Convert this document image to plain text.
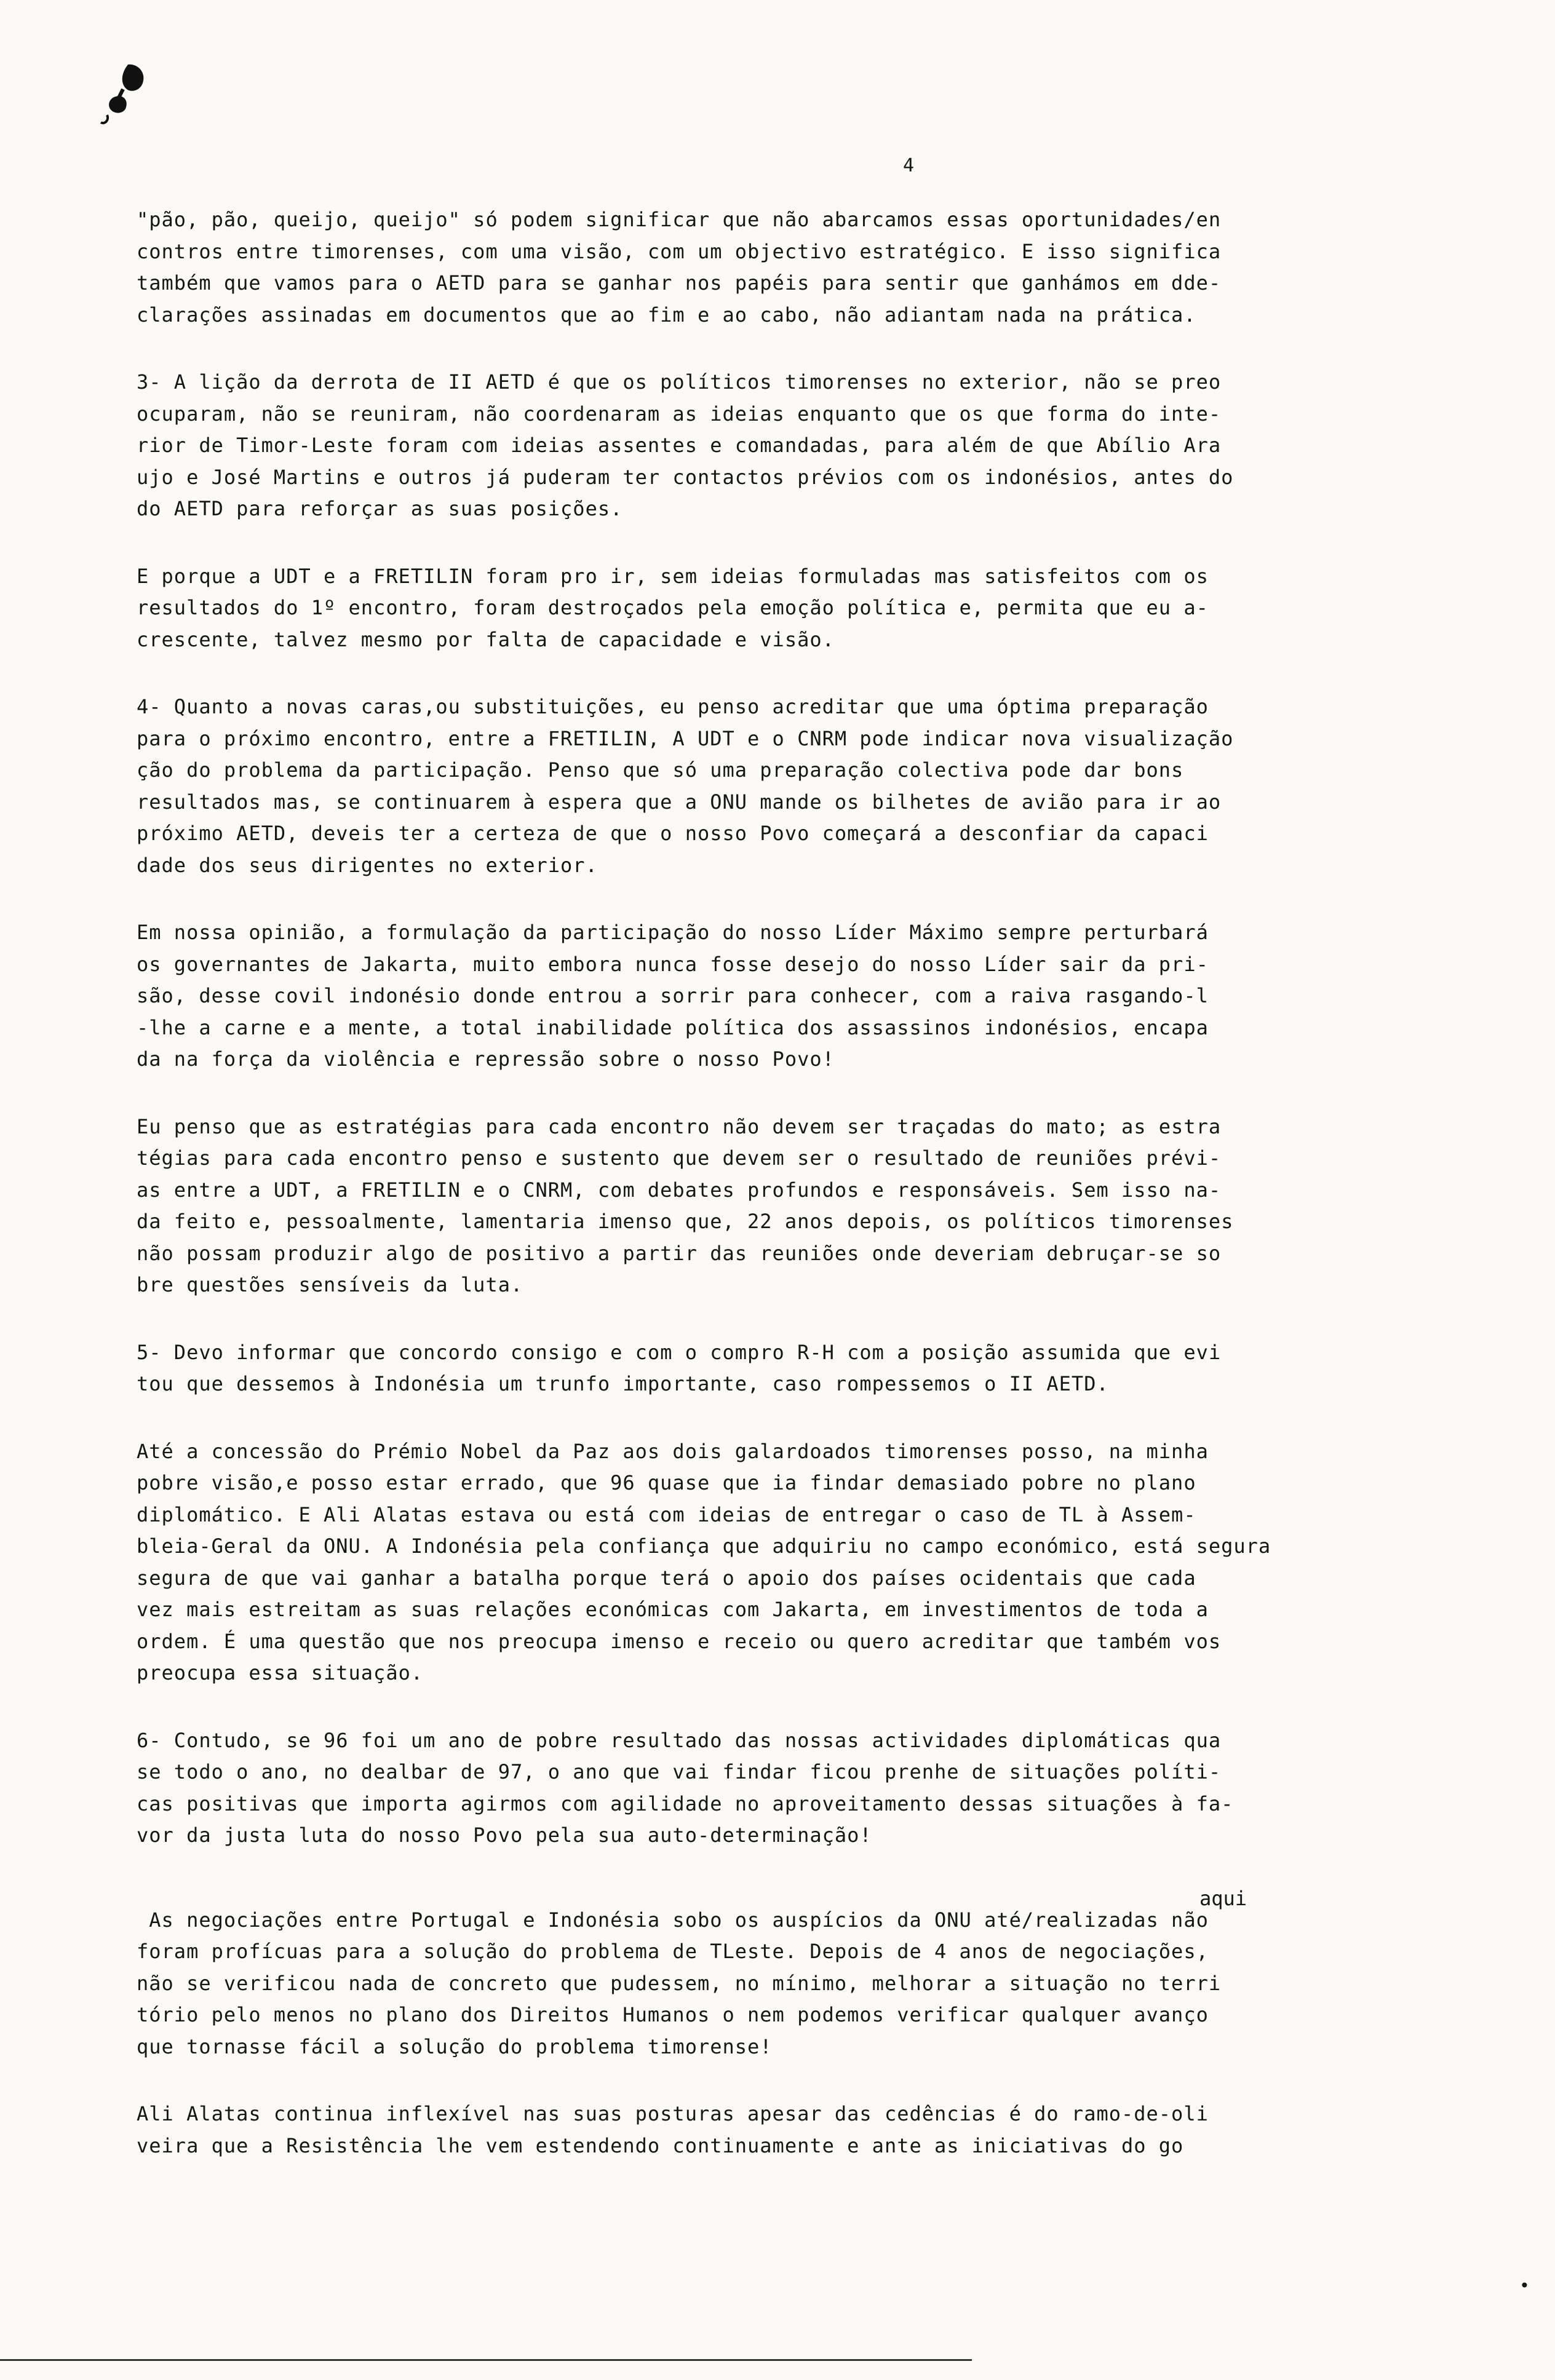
4

"pão, pão, queijo, queijo" só podem significar que não abarcamos essas oportunidades/en
contros entre timorenses, com uma visão, com um objectivo estratégico. E isso significa
também que vamos para o AETD para se ganhar nos papéis para sentir que ganhámos em dde-
clarações assinadas em documentos que ao fim e ao cabo, não adiantam nada na prática.

3- A lição da derrota de II AETD é que os políticos timorenses no exterior, não se preo
ocuparam, não se reuniram, não coordenaram as ideias enquanto que os que forma do inte-
rior de Timor-Leste foram com ideias assentes e comandadas, para além de que Abílio Ara
ujo e José Martins e outros já puderam ter contactos prévios com os indonésios, antes do
do AETD para reforçar as suas posições.

E porque a UDT e a FRETILIN foram pro ir, sem ideias formuladas mas satisfeitos com os
resultados do 1º encontro, foram destroçados pela emoção política e, permita que eu a-
crescente, talvez mesmo por falta de capacidade e visão.

4- Quanto a novas caras,ou substituições, eu penso acreditar que uma óptima preparação
para o próximo encontro, entre a FRETILIN, A UDT e o CNRM pode indicar nova visualização
ção do problema da participação. Penso que só uma preparação colectiva pode dar bons
resultados mas, se continuarem à espera que a ONU mande os bilhetes de avião para ir ao
próximo AETD, deveis ter a certeza de que o nosso Povo começará a desconfiar da capaci
dade dos seus dirigentes no exterior.

Em nossa opinião, a formulação da participação do nosso Líder Máximo sempre perturbará
os governantes de Jakarta, muito embora nunca fosse desejo do nosso Líder sair da pri-
são, desse covil indonésio donde entrou a sorrir para conhecer, com a raiva rasgando-l
-lhe a carne e a mente, a total inabilidade política dos assassinos indonésios, encapa
da na força da violência e repressão sobre o nosso Povo!

Eu penso que as estratégias para cada encontro não devem ser traçadas do mato; as estra
tégias para cada encontro penso e sustento que devem ser o resultado de reuniões prévi-
as entre a UDT, a FRETILIN e o CNRM, com debates profundos e responsáveis. Sem isso na-
da feito e, pessoalmente, lamentaria imenso que, 22 anos depois, os políticos timorenses
não possam produzir algo de positivo a partir das reuniões onde deveriam debruçar-se so
bre questões sensíveis da luta.

5- Devo informar que concordo consigo e com o compro R-H com a posição assumida que evi
tou que dessemos à Indonésia um trunfo importante, caso rompessemos o II AETD.

Até a concessão do Prémio Nobel da Paz aos dois galardoados timorenses posso, na minha
pobre visão,e posso estar errado, que 96 quase que ia findar demasiado pobre no plano
diplomático. E Ali Alatas estava ou está com ideias de entregar o caso de TL à Assem-
bleia-Geral da ONU. A Indonésia pela confiança que adquiriu no campo económico, está segura
segura de que vai ganhar a batalha porque terá o apoio dos países ocidentais que cada
vez mais estreitam as suas relações económicas com Jakarta, em investimentos de toda a
ordem. É uma questão que nos preocupa imenso e receio ou quero acreditar que também vos
preocupa essa situação.

6- Contudo, se 96 foi um ano de pobre resultado das nossas actividades diplomáticas qua
se todo o ano, no dealbar de 97, o ano que vai findar ficou prenhe de situações políti-
cas positivas que importa agirmos com agilidade no aproveitamento dessas situações à fa-
vor da justa luta do nosso Povo pela sua auto-determinação!

As negociações entre Portugal e Indonésia sobo os auspícios da ONU até/realizadas não
foram profícuas para a solução do problema de TLeste. Depois de 4 anos de negociações,
não se verificou nada de concreto que pudessem, no mínimo, melhorar a situação no terri
tório pelo menos no plano dos Direitos Humanos o nem podemos verificar qualquer avanço
que tornasse fácil a solução do problema timorense!

Ali Alatas continua inflexível nas suas posturas apesar das cedências é do ramo-de-oli
veira que a Resistência lhe vem estendendo continuamente e ante as iniciativas do go

aqui
•
